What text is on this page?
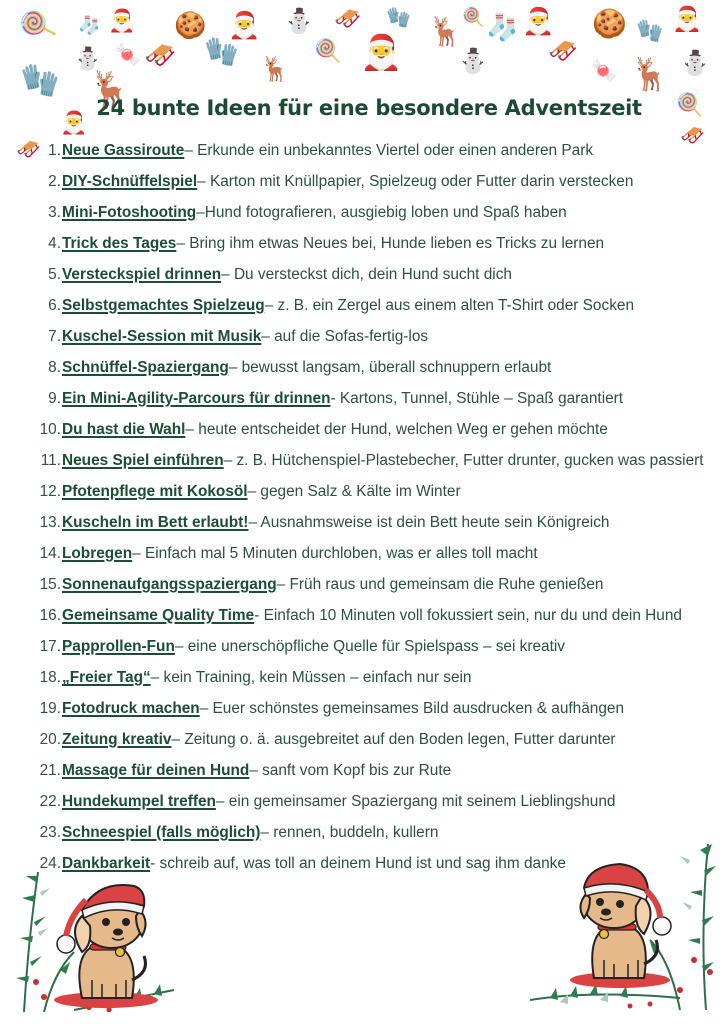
🍭 🧦 🎅 🍪 🎅 ⛄ 🛷 🧤 🦌 🍭 🧦 🎅 🍪 🧤 🎅
⛄ 🍬 🛷 🧤
🦌
🍭 🎅 ⛄	🛷
🍬 🦌 ⛄
🧤 🦌
🎅
🍭
🛷
🛷
24 bunte Ideen für eine besondere Adventszeit
1. Neue Gassiroute – Erkunde ein unbekanntes Viertel oder einen anderen Park
2. DIY-Schnüffelspiel – Karton mit Knüllpapier, Spielzeug oder Futter darin verstecken
3. Mini-Fotoshooting –Hund fotografieren, ausgiebig loben und Spaß haben
4. Trick des Tages – Bring ihm etwas Neues bei, Hunde lieben es Tricks zu lernen
5. Versteckspiel drinnen – Du versteckst dich, dein Hund sucht dich
6. Selbstgemachtes Spielzeug – z. B. ein Zergel aus einem alten T-Shirt oder Socken
7. Kuschel-Session mit Musik – auf die Sofas-fertig-los
8. Schnüffel-Spaziergang – bewusst langsam, überall schnuppern erlaubt
9. Ein Mini-Agility-Parcours für drinnen - Kartons, Tunnel, Stühle – Spaß garantiert
10. Du hast die Wahl – heute entscheidet der Hund, welchen Weg er gehen möchte
11. Neues Spiel einführen – z. B. Hütchenspiel-Plastebecher, Futter drunter, gucken was passiert
12. Pfotenpflege mit Kokosöl – gegen Salz & Kälte im Winter
13. Kuscheln im Bett erlaubt! – Ausnahmsweise ist dein Bett heute sein Königreich
14. Lobregen – Einfach mal 5 Minuten durchloben, was er alles toll macht
15. Sonnenaufgangsspaziergang – Früh raus und gemeinsam die Ruhe genießen
16. Gemeinsame Quality Time - Einfach 10 Minuten voll fokussiert sein, nur du und dein Hund
17. Papprollen-Fun – eine unerschöpfliche Quelle für Spielspass – sei kreativ
18. „Freier Tag“ – kein Training, kein Müssen – einfach nur sein
19. Fotodruck machen – Euer schönstes gemeinsames Bild ausdrucken & aufhängen
20. Zeitung kreativ – Zeitung o. ä. ausgebreitet auf den Boden legen, Futter darunter
21. Massage für deinen Hund – sanft vom Kopf bis zur Rute
22. Hundekumpel treffen – ein gemeinsamer Spaziergang mit seinem Lieblingshund
23. Schneespiel (falls möglich) – rennen, buddeln, kullern
24. Dankbarkeit - schreib auf, was toll an deinem Hund ist und sag ihm danke
